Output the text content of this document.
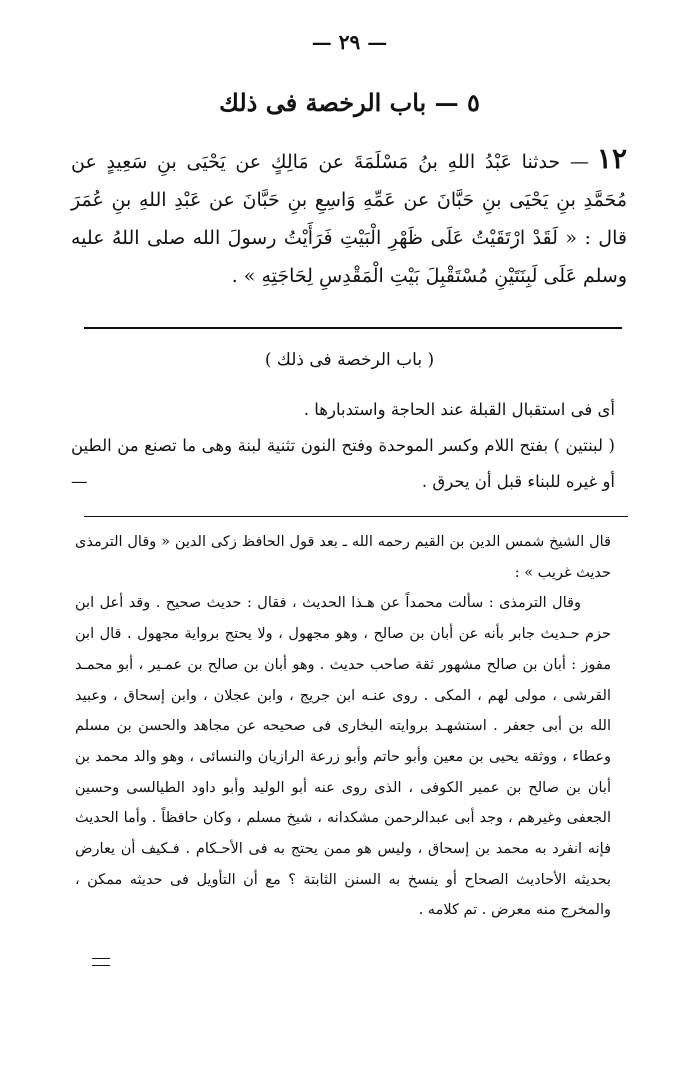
— ٢٩ —
٥ — باب الرخصة فى ذلك
١٢— حدثنا عَبْدُ اللهِ بنُ مَسْلَمَةَ عن مَالِكٍ عن يَحْيَى بنِ سَعِيدٍ عن مُحَمَّدِ بنِ يَحْيَى بنِ حَبَّانَ عن عَمِّهِ وَاسِعِ بنِ حَبَّانَ عن عَبْدِ اللهِ بنِ عُمَرَ قال : « لَقَدْ ارْتَقَيْتُ عَلَى ظَهْرِ الْبَيْتِ فَرَأَيْتُ رسولَ الله صلى اللهُ عليه وسلم عَلَى لَبِنَتَيْنِ مُسْتَقْبِلَ بَيْتِ الْمَقْدِسِ لِحَاجَتِهِ » .
( باب الرخصة فى ذلك )

أى فى استقبال القبلة عند الحاجة واستدبارها .

( لبنتين ) بفتح اللام وكسر الموحدة وفتح النون تثنية لبنة وهى ما تصنع من الطين أو غيره للبناء قبل أن يحرق .
—

قال الشيخ شمس الدين بن القيم رحمه الله ـ بعد قول الحافظ زكى الدين « وقال الترمذى حديث غريب » :

وقال الترمذى : سألت محمداً عن هـذا الحديث ، فقال : حديث صحيح . وقد أعل ابن حزم حـديث جابر بأنه عن أبان بن صالح ، وهو مجهول ، ولا يحتج برواية مجهول . قال ابن مفوز : أبان بن صالح مشهور ثقة صاحب حديث . وهو أبان بن صالح بن عمـير ، أبو محمـد القرشى ، مولى لهم ، المكى . روى عنـه ابن جريج ، وابن عجلان ، وابن إسحاق ، وعبيد الله بن أبى جعفر . استشهـد بروايته البخارى فى صحيحه عن مجاهد والحسن بن مسلم وعطاء ، ووثقه يحيى بن معين وأبو حاتم وأبو زرعة الرازيان والنسائى ، وهو والد محمد بن أبان بن صالح بن عمير الكوفى ، الذى روى عنه أبو الوليد وأبو داود الطيالسى وحسين الجعفى وغيرهم ، وجد أبى عبدالرحمن مشكدانه ، شيخ مسلم ، وكان حافظاً . وأما الحديث فإنه انفرد به محمد بن إسحاق ، وليس هو ممن يحتج به فى الأحـكام . فـكيف أن يعارض بحديثه الأحاديث الصحاح أو ينسخ به السنن الثابتة ؟ مع أن التأويل فى حديثه ممكن ، والمخرج منه معرض . تم كلامه .
